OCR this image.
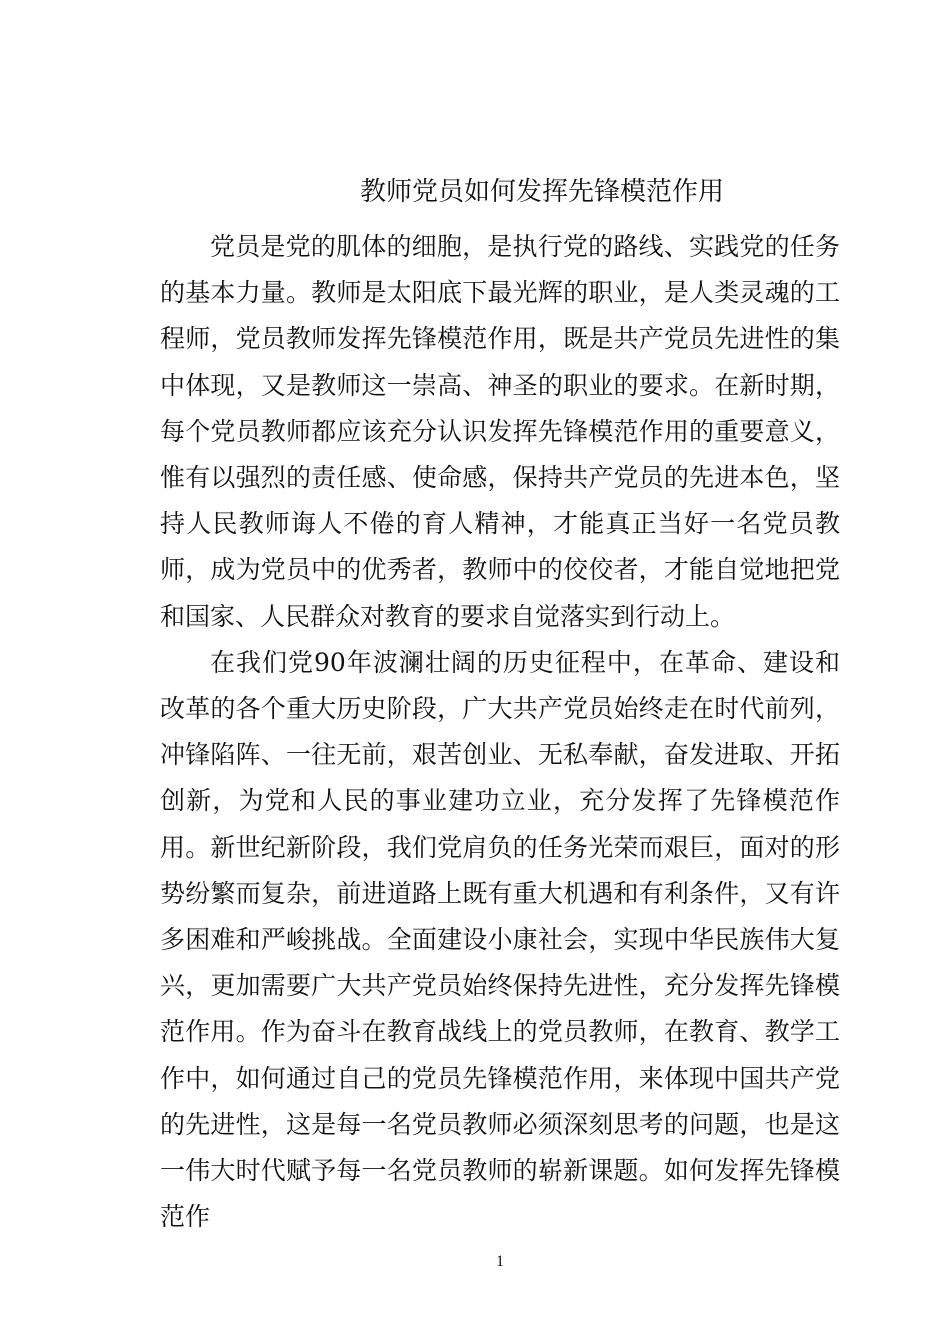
教师党员如何发挥先锋模范作用

党员是党的肌体的细胞，是执行党的路线、实践党的任务的基本力量。教师是太阳底下最光辉的职业，是人类灵魂的工程师，党员教师发挥先锋模范作用，既是共产党员先进性的集中体现，又是教师这一崇高、神圣的职业的要求。在新时期，每个党员教师都应该充分认识发挥先锋模范作用的重要意义，惟有以强烈的责任感、使命感，保持共产党员的先进本色，坚持人民教师诲人不倦的育人精神，才能真正当好一名党员教师，成为党员中的优秀者，教师中的佼佼者，才能自觉地把党和国家、人民群众对教育的要求自觉落实到行动上。

在我们党90年波澜壮阔的历史征程中，在革命、建设和改革的各个重大历史阶段，广大共产党员始终走在时代前列，冲锋陷阵、一往无前，艰苦创业、无私奉献，奋发进取、开拓创新，为党和人民的事业建功立业，充分发挥了先锋模范作用。新世纪新阶段，我们党肩负的任务光荣而艰巨，面对的形势纷繁而复杂，前进道路上既有重大机遇和有利条件，又有许多困难和严峻挑战。全面建设小康社会，实现中华民族伟大复兴，更加需要广大共产党员始终保持先进性，充分发挥先锋模范作用。作为奋斗在教育战线上的党员教师，在教育、教学工作中，如何通过自己的党员先锋模范作用，来体现中国共产党的先进性，这是每一名党员教师必须深刻思考的问题，也是这一伟大时代赋予每一名党员教师的崭新课题。如何发挥先锋模范作

1
